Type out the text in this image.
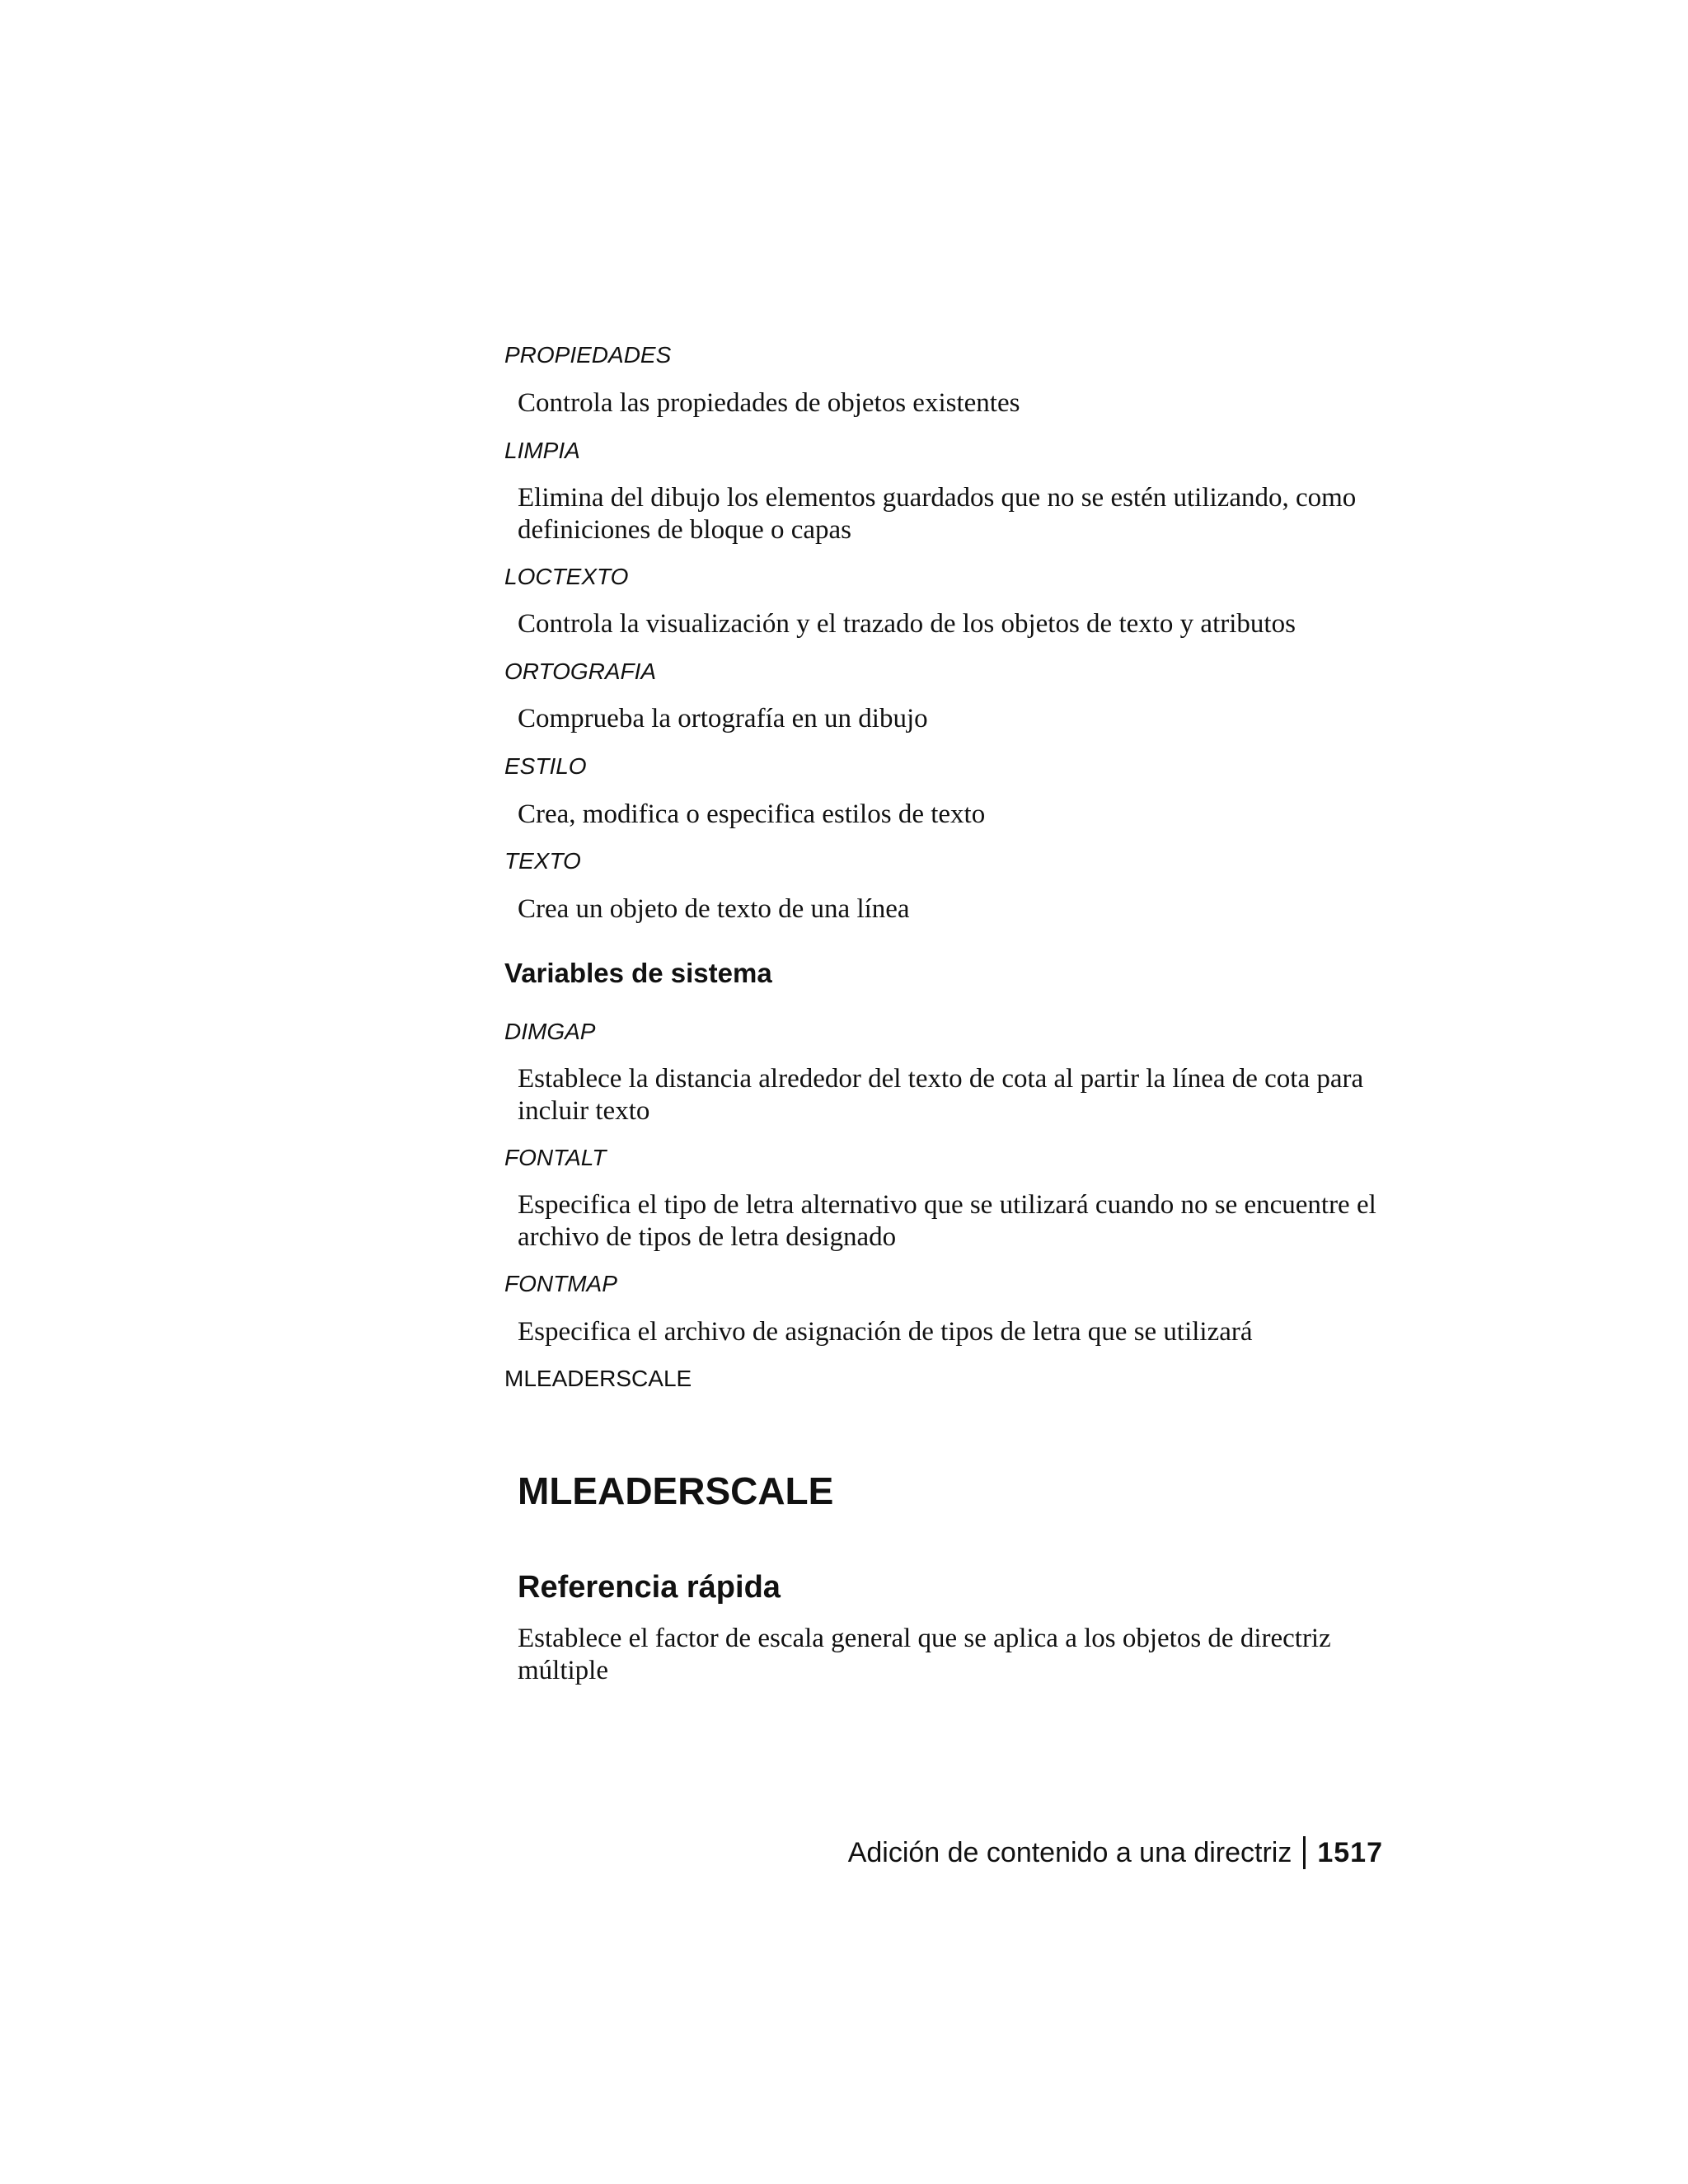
PROPIEDADES
Controla las propiedades de objetos existentes
LIMPIA
Elimina del dibujo los elementos guardados que no se estén utilizando, como definiciones de bloque o capas
LOCTEXTO
Controla la visualización y el trazado de los objetos de texto y atributos
ORTOGRAFIA
Comprueba la ortografía en un dibujo
ESTILO
Crea, modifica o especifica estilos de texto
TEXTO
Crea un objeto de texto de una línea
Variables de sistema
DIMGAP
Establece la distancia alrededor del texto de cota al partir la línea de cota para incluir texto
FONTALT
Especifica el tipo de letra alternativo que se utilizará cuando no se encuentre el archivo de tipos de letra designado
FONTMAP
Especifica el archivo de asignación de tipos de letra que se utilizará
MLEADERSCALE
MLEADERSCALE
Referencia rápida
Establece el factor de escala general que se aplica a los objetos de directriz múltiple
Adición de contenido a una directriz 1517
